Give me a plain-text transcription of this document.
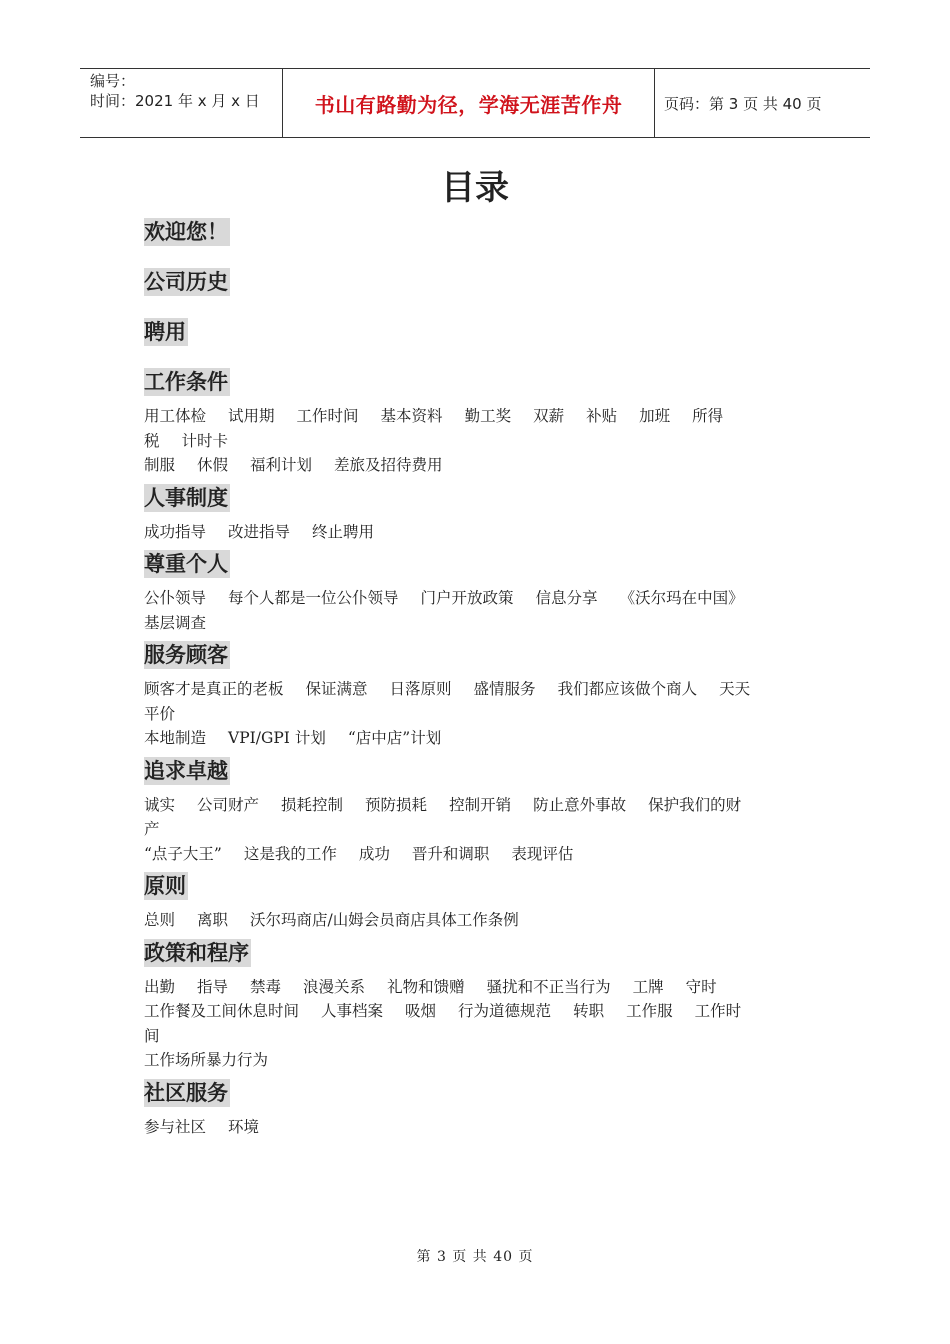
编号：
时间：2021 年 x 月 x 日	书山有路勤为径，学海无涯苦作舟	页码：第 3 页 共 40 页
目录
欢迎您！
公司历史
聘用
工作条件
用工体检 试用期 工作时间 基本资料 勤工奖 双薪 补贴 加班 所得
税 计时卡
制服 休假 福利计划 差旅及招待费用
人事制度
成功指导 改进指导 终止聘用
尊重个人
公仆领导 每个人都是一位公仆领导 门户开放政策 信息分享 《沃尔玛在中国》
基层调查
服务顾客
顾客才是真正的老板 保证满意 日落原则 盛情服务 我们都应该做个商人 天天
平价
本地制造 VPI/GPI 计划 “店中店”计划
追求卓越
诚实 公司财产 损耗控制 预防损耗 控制开销 防止意外事故 保护我们的财
产
“点子大王” 这是我的工作 成功 晋升和调职 表现评估
原则
总则 离职 沃尔玛商店/山姆会员商店具体工作条例
政策和程序
出勤 指导 禁毒 浪漫关系 礼物和馈赠 骚扰和不正当行为 工牌 守时
工作餐及工间休息时间 人事档案 吸烟 行为道德规范 转职 工作服 工作时
间
工作场所暴力行为
社区服务
参与社区 环境
第 3 页 共 40 页
